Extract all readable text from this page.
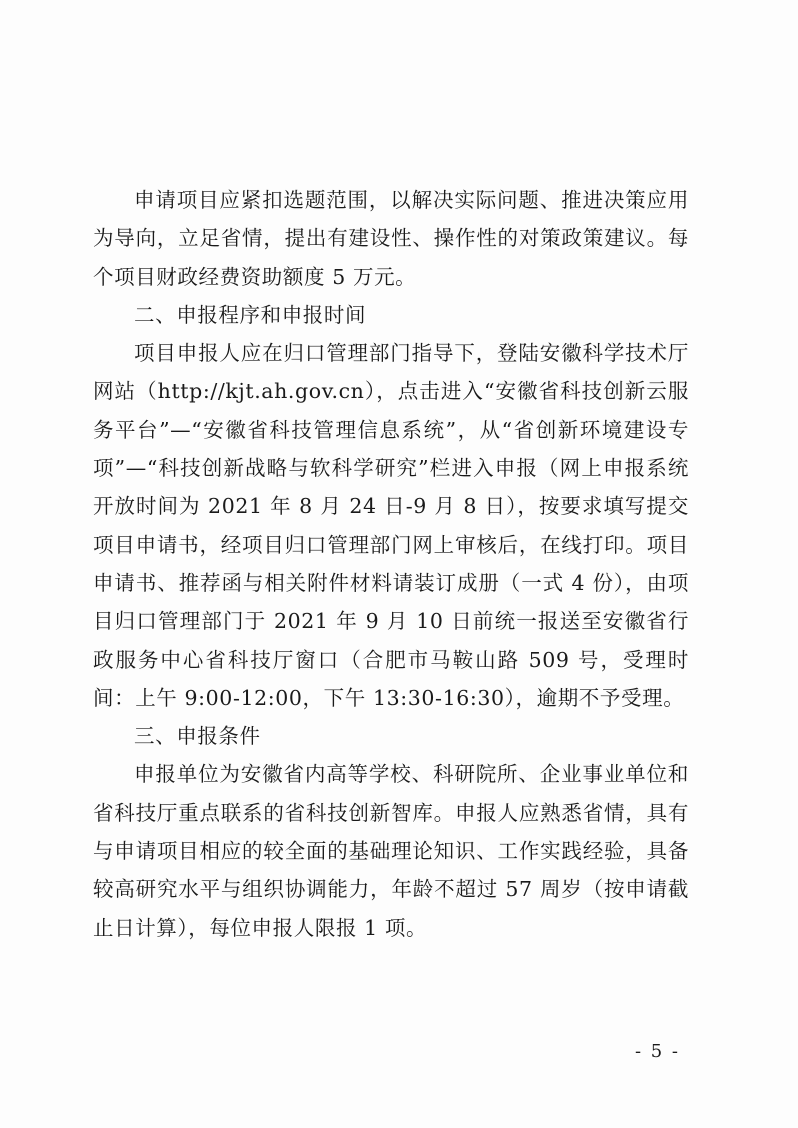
申请项目应紧扣选题范围，以解决实际问题、推进决策应用为导向，立足省情，提出有建设性、操作性的对策政策建议。每个项目财政经费资助额度 5 万元。

二、申报程序和申报时间

项目申报人应在归口管理部门指导下，登陆安徽科学技术厅网站（http://kjt.ah.gov.cn），点击进入“安徽省科技创新云服务平台”—“安徽省科技管理信息系统”，从“省创新环境建设专项”—“科技创新战略与软科学研究”栏进入申报（网上申报系统开放时间为 2021 年 8 月 24 日-9 月 8 日），按要求填写提交项目申请书，经项目归口管理部门网上审核后，在线打印。项目申请书、推荐函与相关附件材料请装订成册（一式 4 份），由项目归口管理部门于 2021 年 9 月 10 日前统一报送至安徽省行政服务中心省科技厅窗口（合肥市马鞍山路 509 号，受理时间：上午 9:00-12:00，下午 13:30-16:30），逾期不予受理。

三、申报条件

申报单位为安徽省内高等学校、科研院所、企业事业单位和省科技厅重点联系的省科技创新智库。申报人应熟悉省情，具有与申请项目相应的较全面的基础理论知识、工作实践经验，具备较高研究水平与组织协调能力，年龄不超过 57 周岁（按申请截止日计算），每位申报人限报 1 项。

- 5 -
